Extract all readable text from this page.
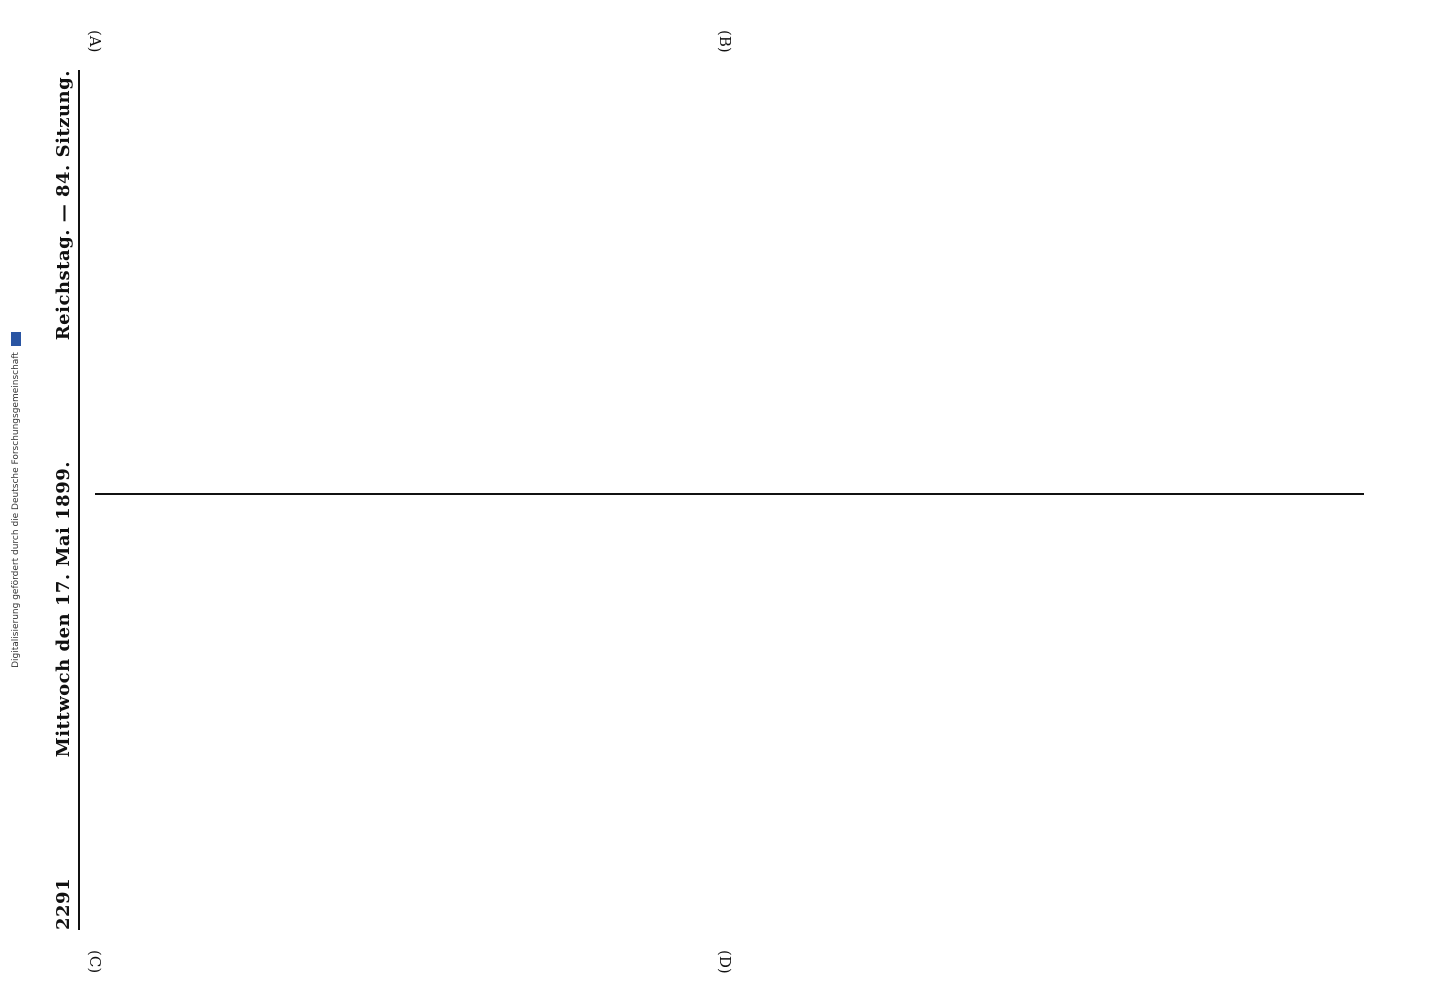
2291
Mittwoch den 17. Mai 1899.
Reichstag. — 84. Sitzung.
(A)	(B)
(C)	(D)
Digitalisierung gefördert durch die Deutsche Forschungsgemeinschaft
